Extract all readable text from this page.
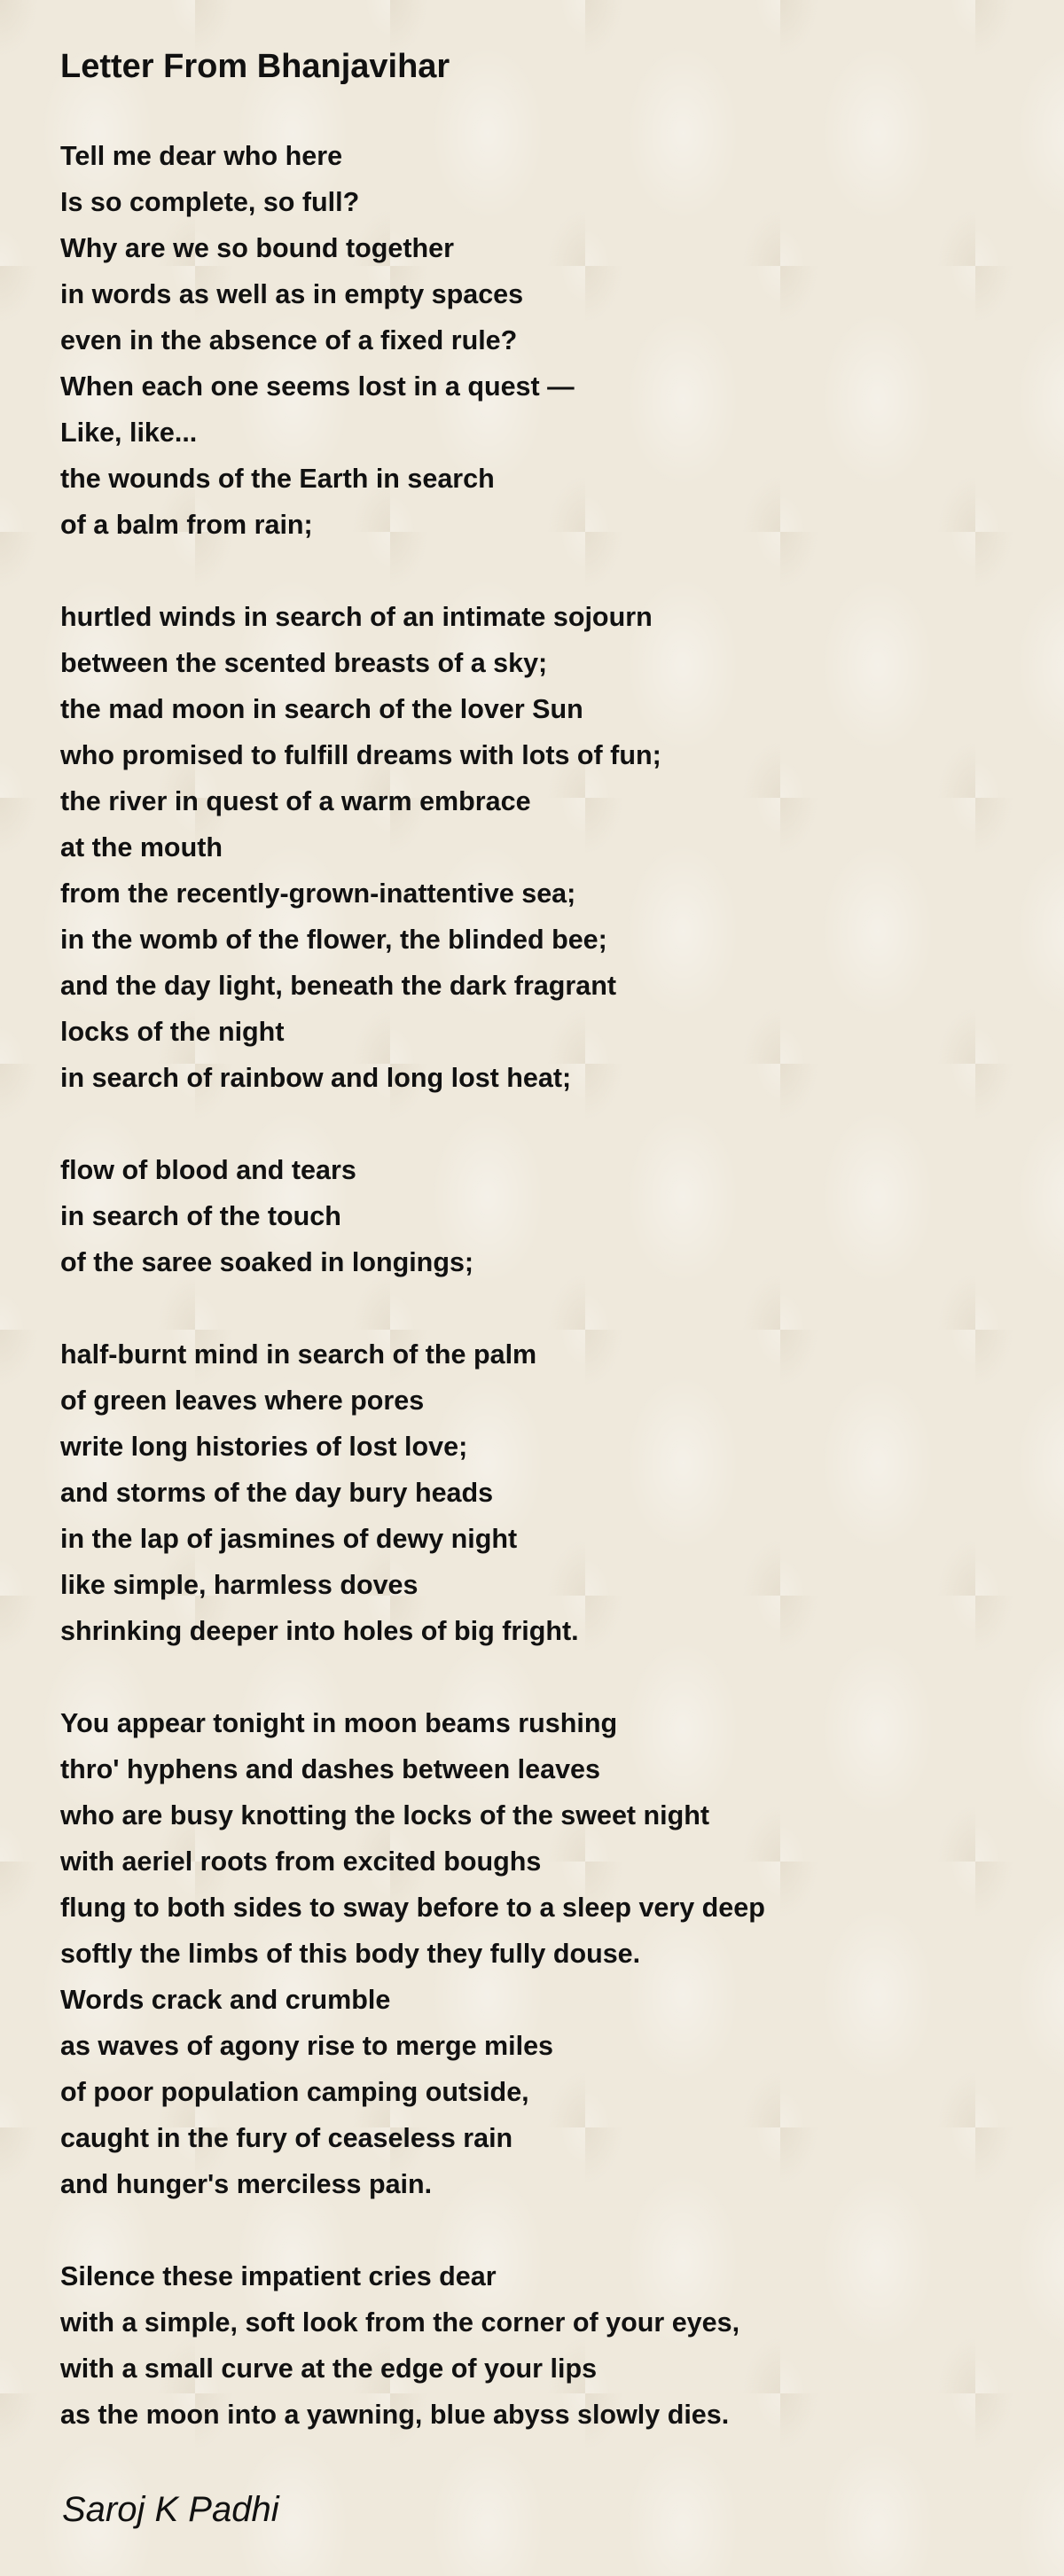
Letter From Bhanjavihar
Tell me dear who here
Is so complete, so full?
Why are we so bound together
in words as well as in empty spaces
even in the absence of a fixed rule?
When each one seems lost in a quest —
Like, like...
the wounds of the Earth in search
of a balm from rain;
hurtled winds in search of an intimate sojourn
between the scented breasts of a sky;
the mad moon in search of the lover Sun
who promised to fulfill dreams with lots of fun;
the river in quest of a warm embrace
at the mouth
from the recently-grown-inattentive sea;
in the womb of the flower, the blinded bee;
and the day light, beneath the dark fragrant
locks of the night
in search of rainbow and long lost heat;
flow of blood and tears
in search of the touch
of the saree soaked in longings;
half-burnt mind in search of the palm
of green leaves where pores
write long histories of lost love;
and storms of the day bury heads
in the lap of jasmines of dewy night
like simple, harmless doves
shrinking deeper into holes of big fright.
You appear tonight in moon beams rushing
thro' hyphens and dashes between leaves
who are busy knotting the locks of the sweet night
with aeriel roots from excited boughs
flung to both sides to sway before to a sleep very deep
softly the limbs of this body they fully douse.
Words crack and crumble
as waves of agony rise to merge miles
of poor population camping outside,
caught in the fury of ceaseless rain
and hunger's merciless pain.
Silence these impatient cries dear
with a simple, soft look from the corner of your eyes,
with a small curve at the edge of your lips
as the moon into a yawning, blue abyss slowly dies.

Saroj K Padhi
